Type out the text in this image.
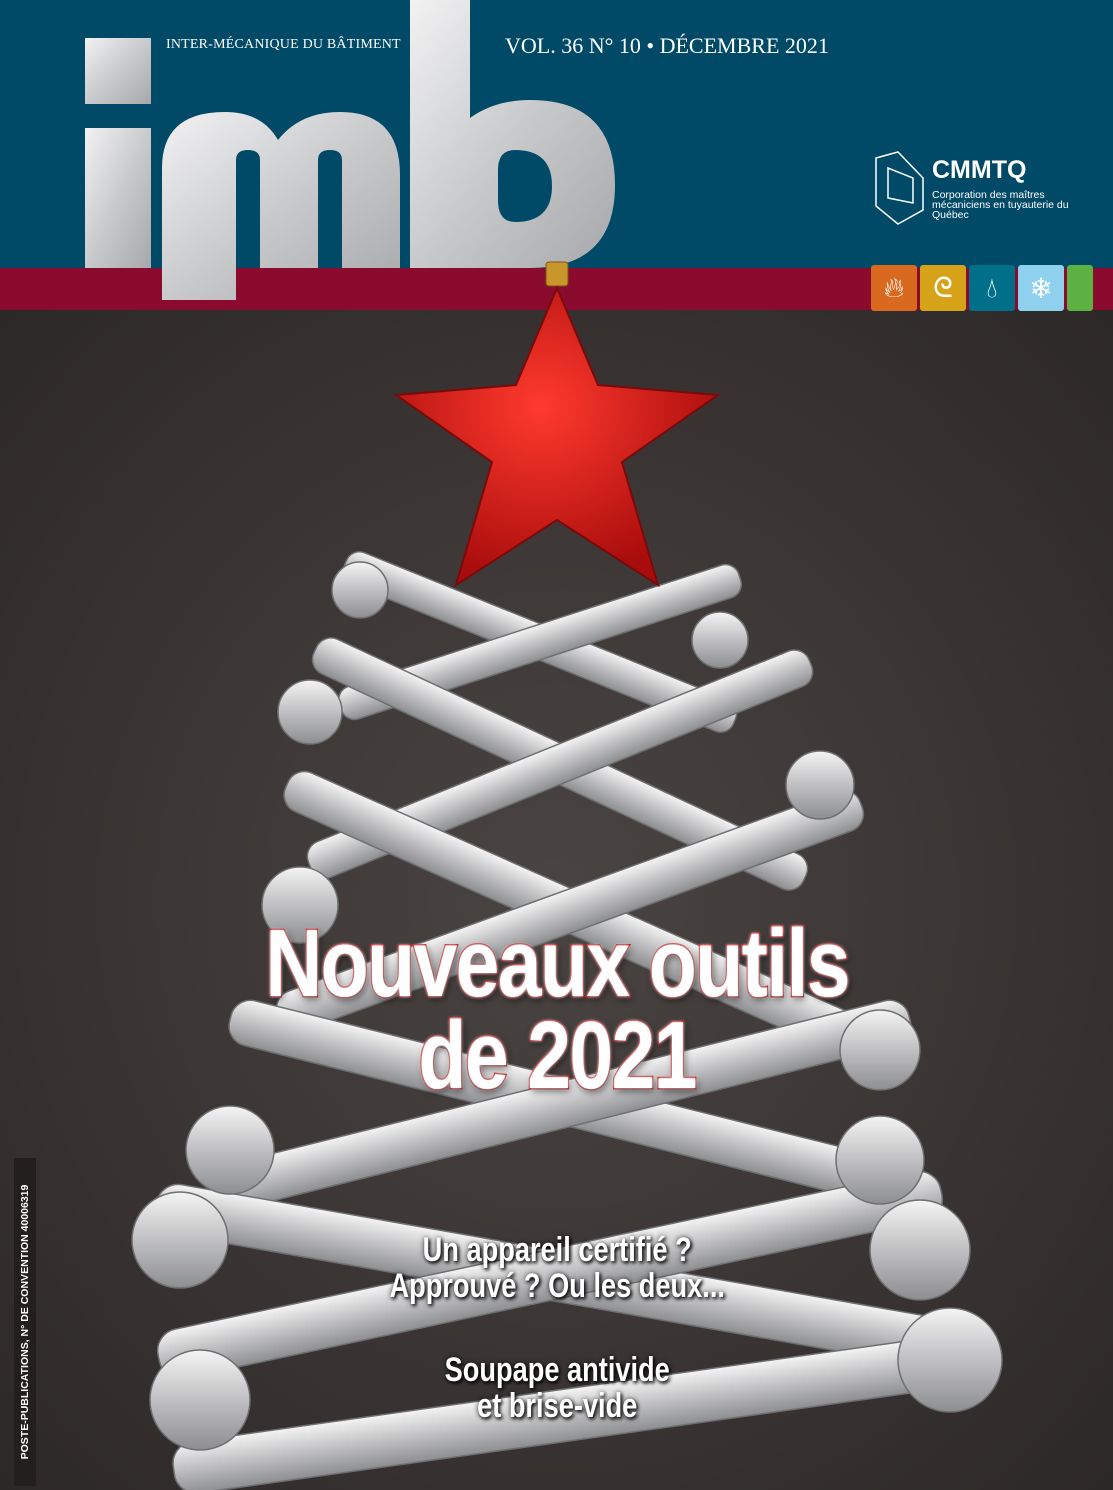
INTER-MÉCANIQUE DU BÂTIMENT	VOL. 36 N° 10 • DÉCEMBRE 2021
CMMTQ
Corporation des maîtres mécaniciens en tuyauterie du Québec
🔥︎	ᘓ	💧︎	❄
Nouveaux outils
de 2021
Un appareil certifié ?
Approuvé ? Ou les deux...
Soupape antivide
et brise-vide
POSTE-PUBLICATIONS, N° DE CONVENTION 40006319
